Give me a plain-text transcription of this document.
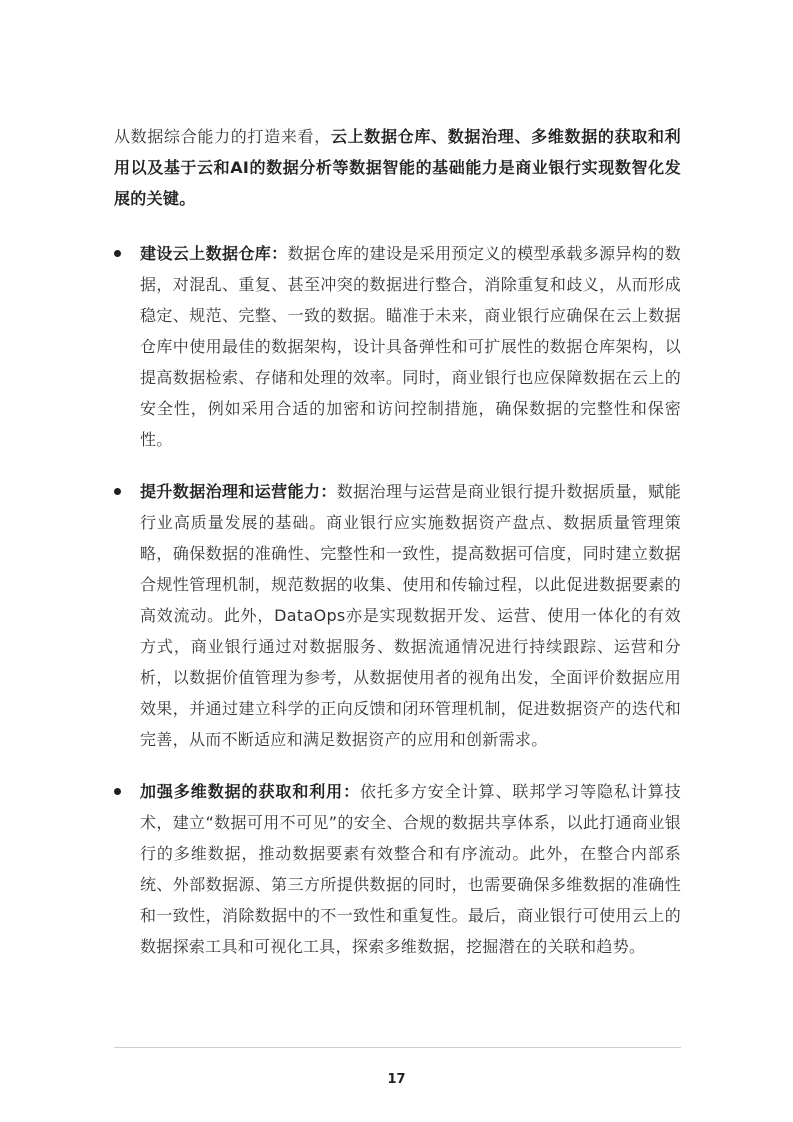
从数据综合能力的打造来看，云上数据仓库、数据治理、多维数据的获取和利用以及基于云和AI的数据分析等数据智能的基础能力是商业银行实现数智化发展的关键。

建设云上数据仓库：数据仓库的建设是采用预定义的模型承载多源异构的数据，对混乱、重复、甚至冲突的数据进行整合，消除重复和歧义，从而形成稳定、规范、完整、一致的数据。瞄准于未来，商业银行应确保在云上数据仓库中使用最佳的数据架构，设计具备弹性和可扩展性的数据仓库架构，以提高数据检索、存储和处理的效率。同时，商业银行也应保障数据在云上的安全性，例如采用合适的加密和访问控制措施，确保数据的完整性和保密性。

提升数据治理和运营能力：数据治理与运营是商业银行提升数据质量，赋能行业高质量发展的基础。商业银行应实施数据资产盘点、数据质量管理策略，确保数据的准确性、完整性和一致性，提高数据可信度，同时建立数据合规性管理机制，规范数据的收集、使用和传输过程，以此促进数据要素的高效流动。此外，DataOps亦是实现数据开发、运营、使用一体化的有效方式，商业银行通过对数据服务、数据流通情况进行持续跟踪、运营和分析，以数据价值管理为参考，从数据使用者的视角出发，全面评价数据应用效果，并通过建立科学的正向反馈和闭环管理机制，促进数据资产的迭代和完善，从而不断适应和满足数据资产的应用和创新需求。

加强多维数据的获取和利用：依托多方安全计算、联邦学习等隐私计算技术，建立“数据可用不可见”的安全、合规的数据共享体系，以此打通商业银行的多维数据，推动数据要素有效整合和有序流动。此外，在整合内部系统、外部数据源、第三方所提供数据的同时，也需要确保多维数据的准确性和一致性，消除数据中的不一致性和重复性。最后，商业银行可使用云上的数据探索工具和可视化工具，探索多维数据，挖掘潜在的关联和趋势。

17
